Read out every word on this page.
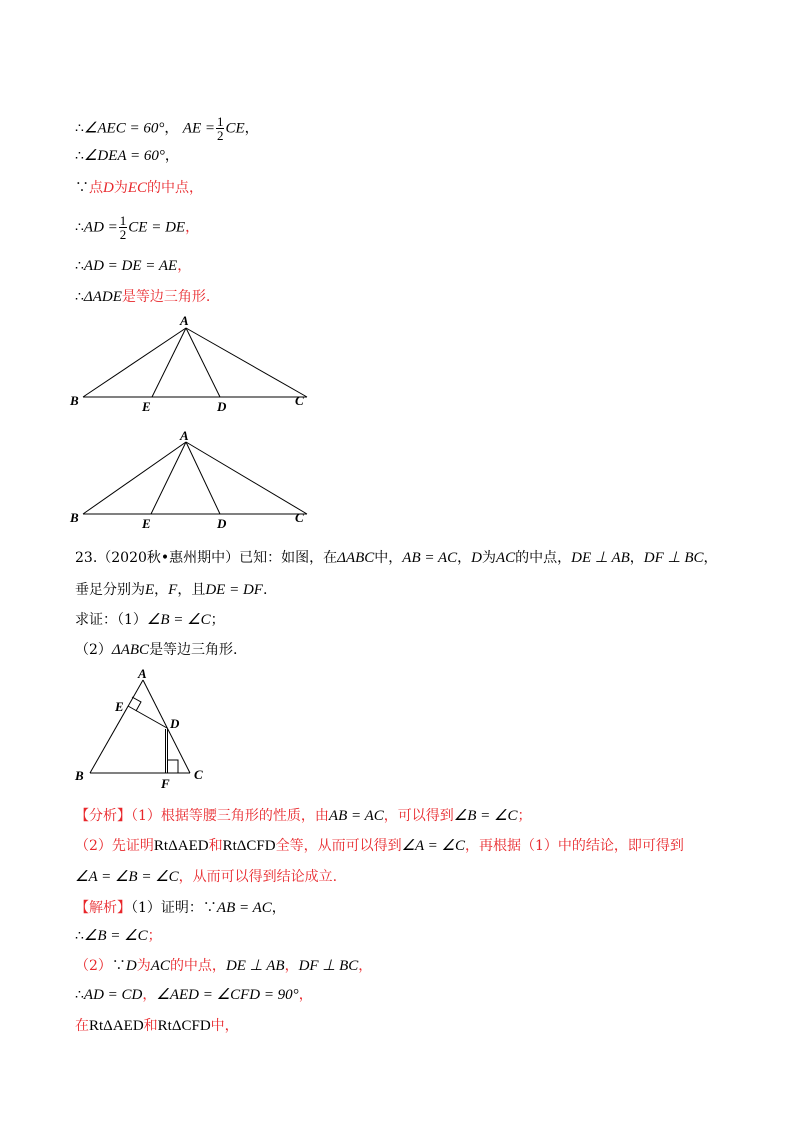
∴∠AEC = 60°， AE = $\frac{1}{2}$ CE，
∴∠DEA = 60°，
∵点D为EC的中点，
∴AD = $\frac{1}{2}$ CE = DE，
∴AD = DE = AE，
∴ΔADE是等边三角形.
A
B	E	D	C
A
B	E	D	C
23.（2020秋•惠州期中）已知：如图，在ΔABC中，AB = AC，D为AC的中点，DE ⊥ AB，DF ⊥ BC，
垂足分别为E，F，且DE = DF.
求证：（1）∠B = ∠C；
（2）ΔABC是等边三角形.
A
E
D
B
F
C
【分析】（1）根据等腰三角形的性质，由AB = AC，可以得到∠B = ∠C；
（2）先证明RtΔAED和RtΔCFD全等，从而可以得到∠A = ∠C，再根据（1）中的结论，即可得到
∠A = ∠B = ∠C，从而可以得到结论成立.
【解析】（1）证明：∵AB = AC，
∴∠B = ∠C；
（2）∵D为AC的中点，DE ⊥ AB，DF ⊥ BC，
∴AD = CD，∠AED = ∠CFD = 90°，
在RtΔAED和RtΔCFD中，
